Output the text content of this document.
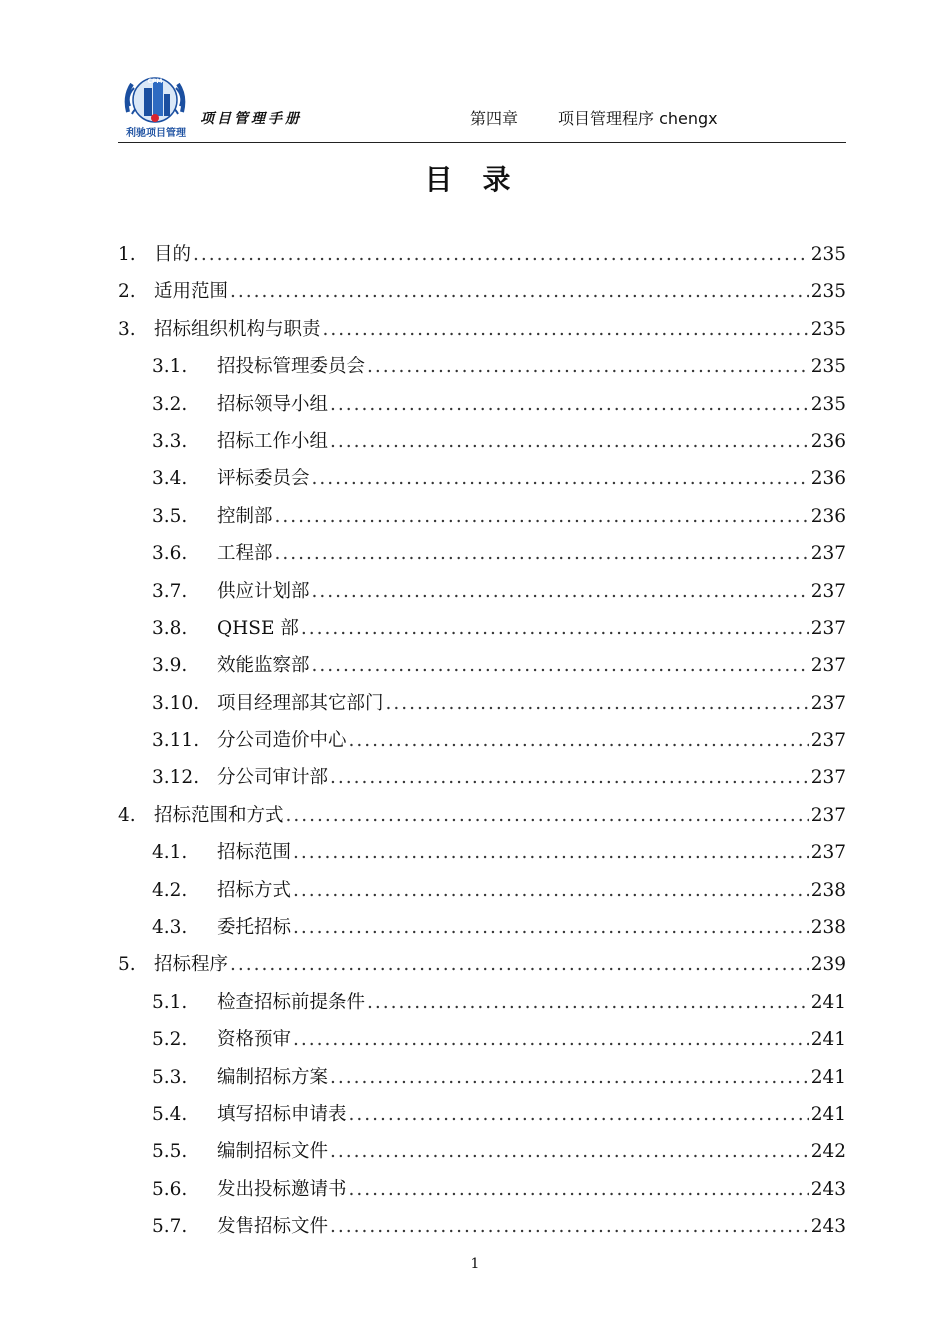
CPM
利驰项目管理
项目管理手册	第四章 项目管理程序 chengx
目录
1. 目的 .....	235
2. 适用范围 .....	235
3. 招标组织机构与职责 .....	235
3.1.	招投标管理委员会 .....	235
3.2.	招标领导小组 .....	235
3.3.	招标工作小组 .....	236
3.4.	评标委员会 .....	236
3.5.	控制部 .....	236
3.6.	工程部 .....	237
3.7.	供应计划部 .....	237
3.8.	QHSE 部 .....	237
3.9.	效能监察部 .....	237
3.10. 项目经理部其它部门 .....	237
3.11. 分公司造价中心 .....	237
3.12. 分公司审计部 .....	237
4. 招标范围和方式 .....	237
4.1.	招标范围 .....	237
4.2.	招标方式 .....	238
4.3.	委托招标 .....	238
5. 招标程序 .....	239
5.1.	检查招标前提条件 .....	241
5.2.	资格预审 .....	241
5.3.	编制招标方案 .....	241
5.4.	填写招标申请表 .....	241
5.5.	编制招标文件 .....	242
5.6.	发出投标邀请书 .....	243
5.7.	发售招标文件 .....	243
1
